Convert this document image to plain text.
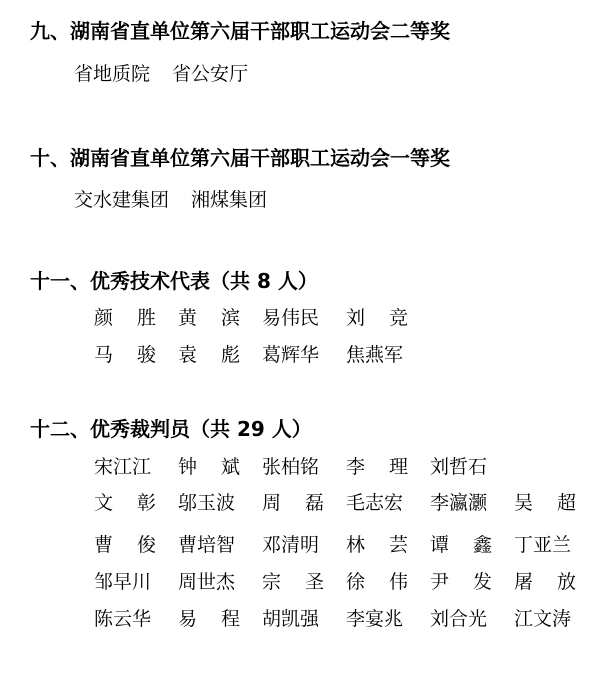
九、湖南省直单位第六届干部职工运动会二等奖
省地质院 省公安厅
十、湖南省直单位第六届干部职工运动会一等奖
交水建集团 湘煤集团
十一、优秀技术代表（共 8 人）
颜 胜 黄 滨 易伟民 刘 竞
马 骏 袁 彪 葛辉华 焦燕军
十二、优秀裁判员（共 29 人）
宋江江 钟 斌 张柏铭 李 理 刘哲石
文 彰 邬玉波 周 磊 毛志宏 李瀛灏 吴 超
曹 俊 曹培智 邓清明 林 芸 谭 鑫 丁亚兰
邹早川 周世杰 宗 圣 徐 伟 尹 发 屠 放
陈云华 易 程 胡凯强 李宴兆 刘合光 江文涛
